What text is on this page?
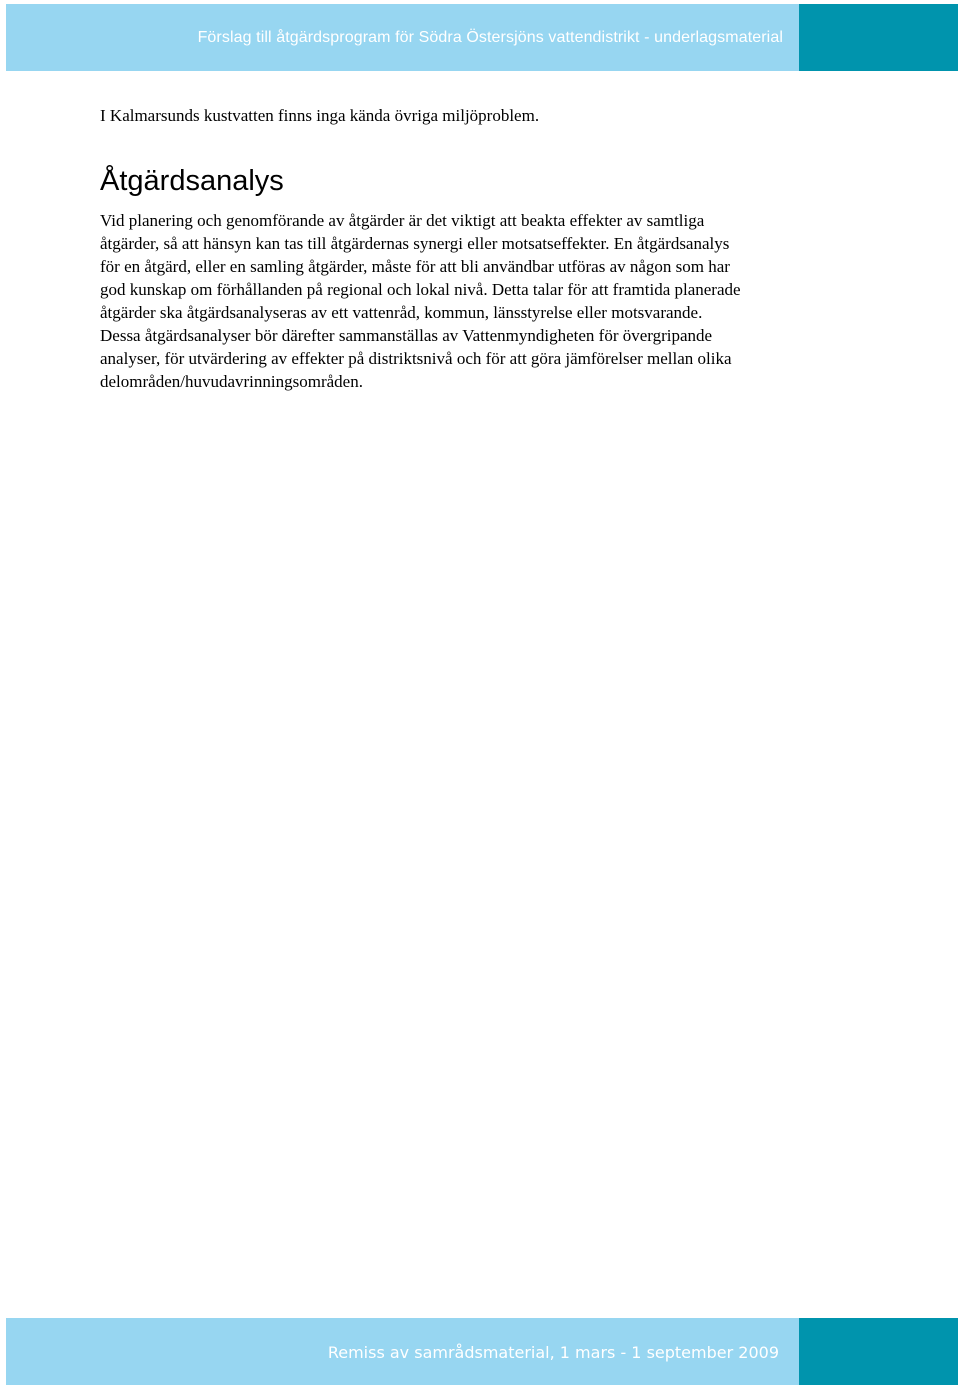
Förslag till åtgärdsprogram för Södra Östersjöns vattendistrikt - underlagsmaterial

I Kalmarsunds kustvatten finns inga kända övriga miljöproblem.

Åtgärdsanalys

Vid planering och genomförande av åtgärder är det viktigt att beakta effekter av samtliga
åtgärder, så att hänsyn kan tas till åtgärdernas synergi eller motsatseffekter. En åtgärdsanalys
för en åtgärd, eller en samling åtgärder, måste för att bli användbar utföras av någon som har
god kunskap om förhållanden på regional och lokal nivå. Detta talar för att framtida planerade
åtgärder ska åtgärdsanalyseras av ett vattenråd, kommun, länsstyrelse eller motsvarande.
Dessa åtgärdsanalyser bör därefter sammanställas av Vattenmyndigheten för övergripande
analyser, för utvärdering av effekter på distriktsnivå och för att göra jämförelser mellan olika
delområden/huvudavrinningsområden.

Remiss av samrådsmaterial, 1 mars - 1 september 2009
